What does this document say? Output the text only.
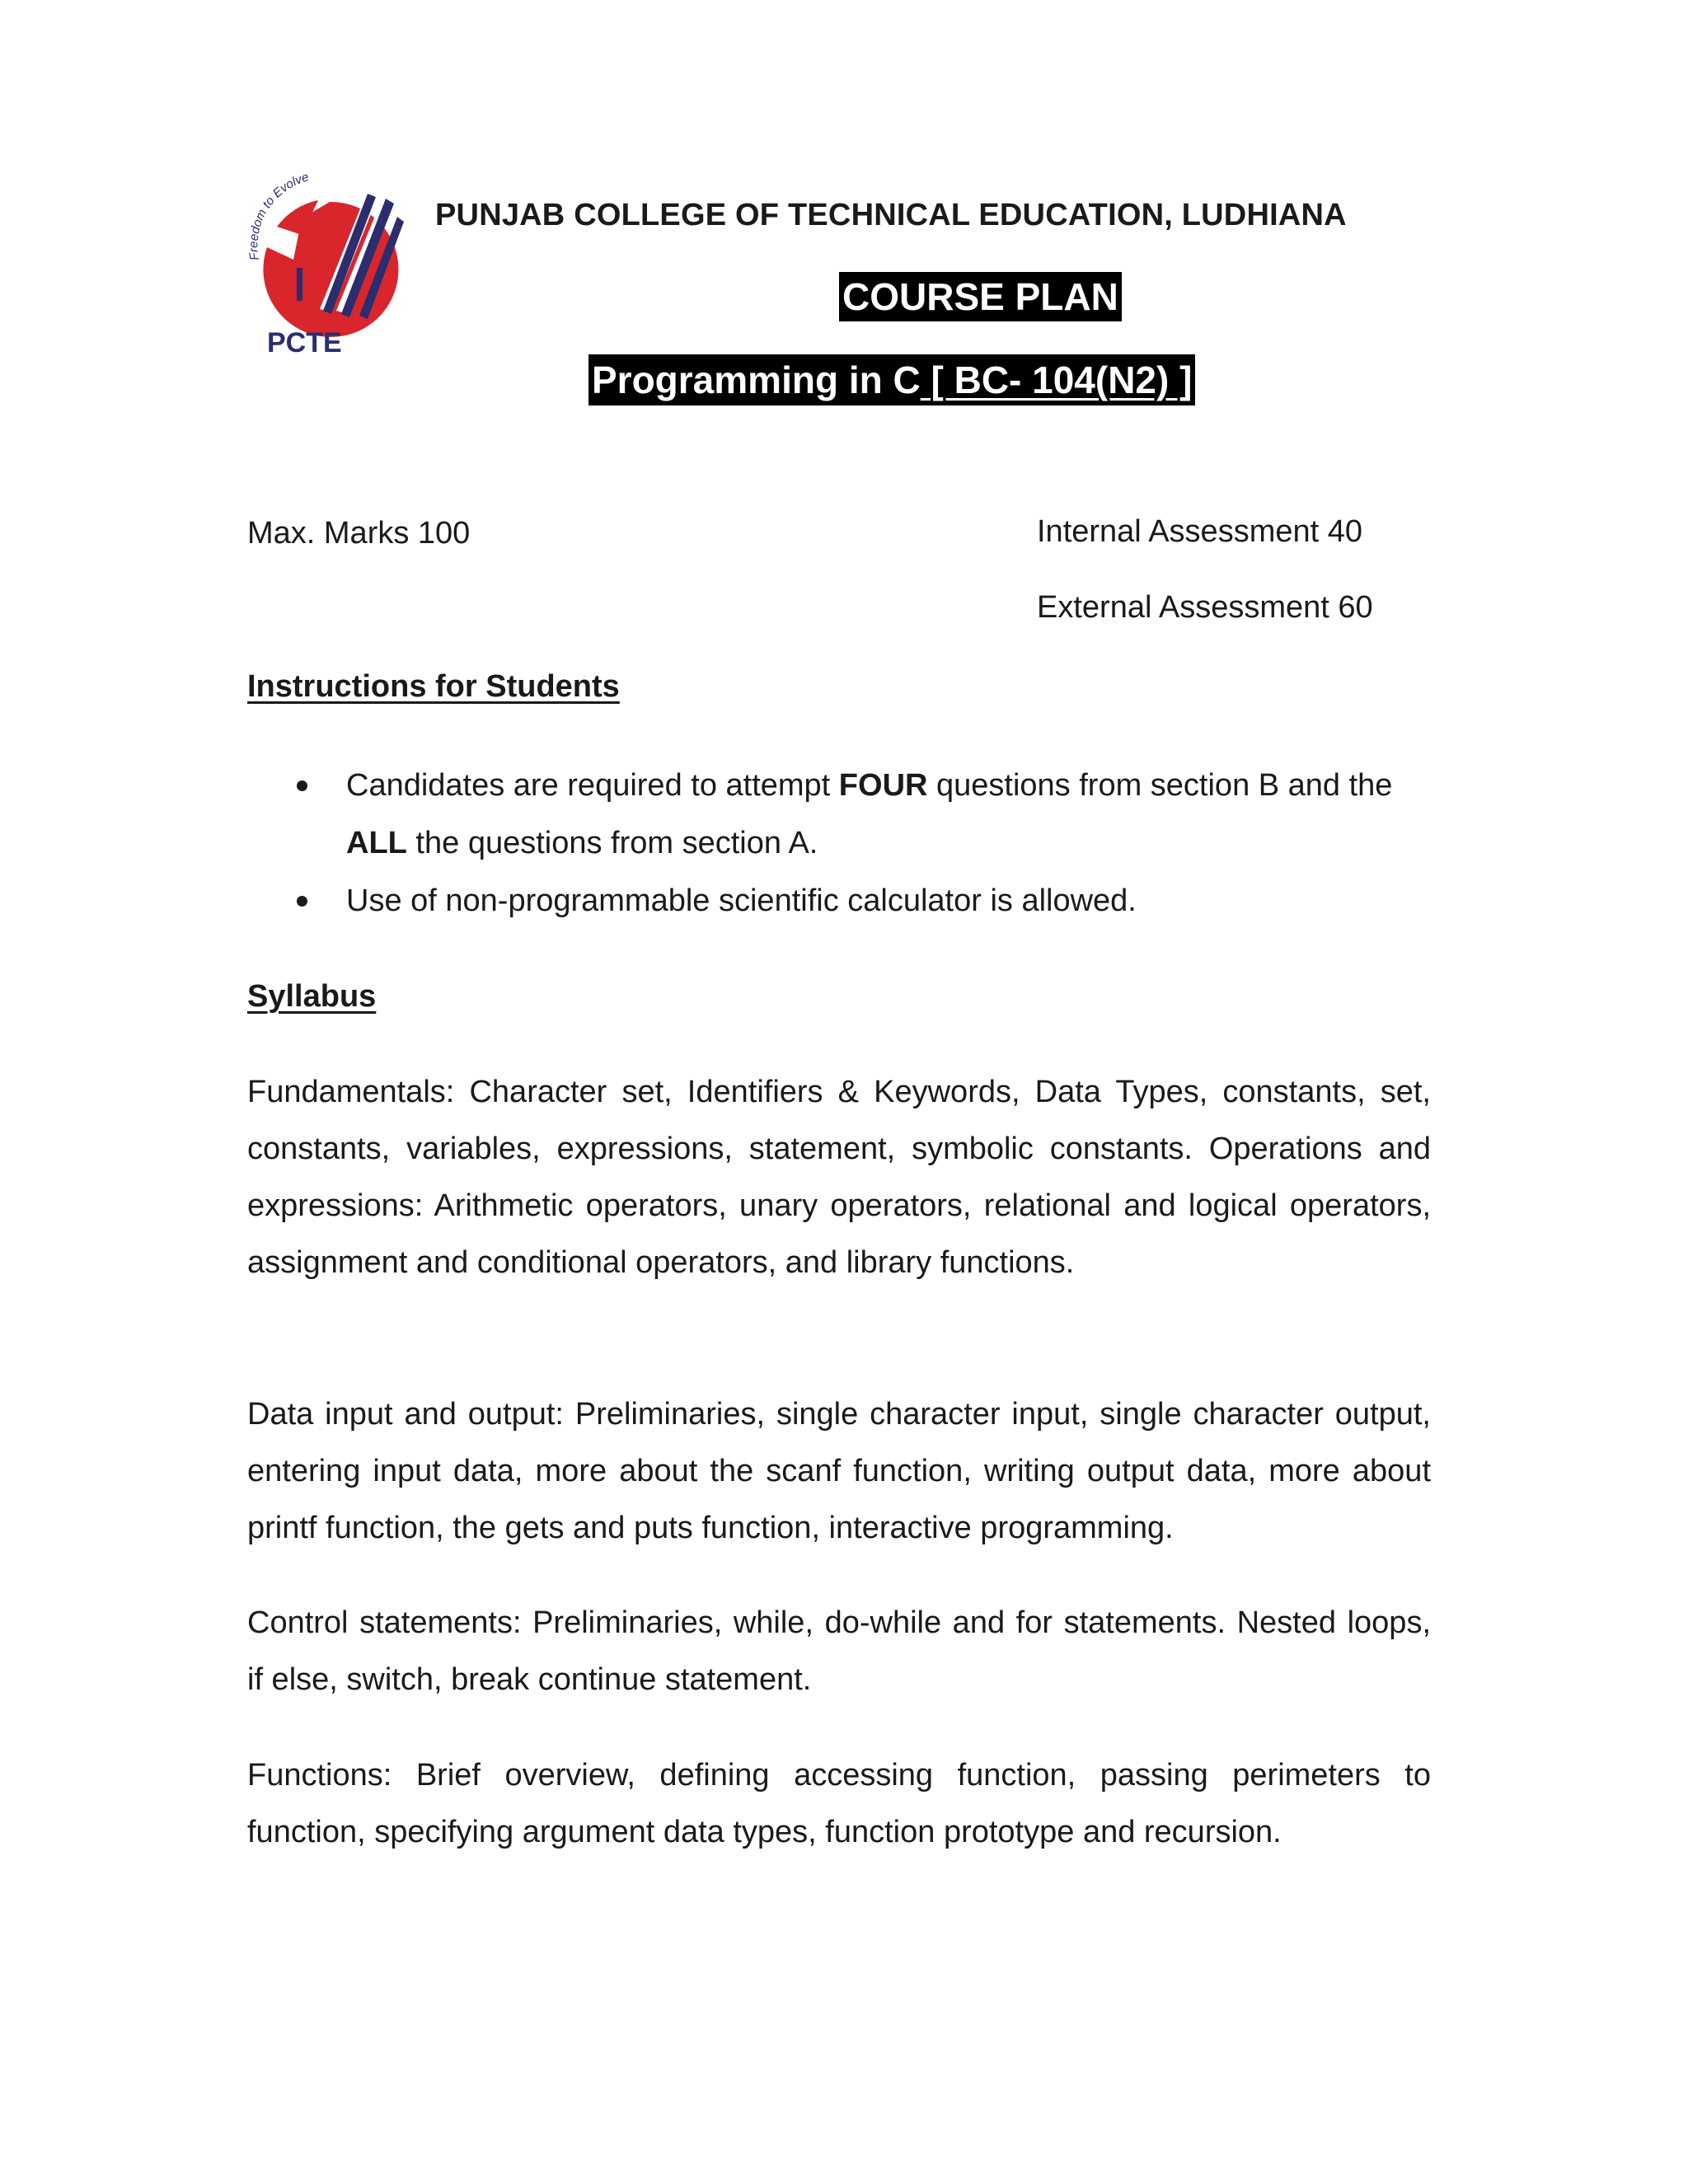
Freedom to Evolve
PCTE
PUNJAB COLLEGE OF TECHNICAL EDUCATION, LUDHIANA
COURSE PLAN
Programming in C [ BC- 104(N2) ]
Max. Marks 100	Internal Assessment 40
External Assessment 60
Instructions for Students
Candidates are required to attempt FOUR questions from section B and the ALL the questions from section A.
Use of non-programmable scientific calculator is allowed.
Syllabus

Fundamentals: Character set, Identifiers & Keywords, Data Types, constants, set, constants, variables, expressions, statement, symbolic constants. Operations and expressions: Arithmetic operators, unary operators, relational and logical operators, assignment and conditional operators, and library functions.

Data input and output: Preliminaries, single character input, single character output, entering input data, more about the scanf function, writing output data, more about printf function, the gets and puts function, interactive programming.

Control statements: Preliminaries, while, do-while and for statements. Nested loops, if else, switch, break continue statement.

Functions: Brief overview, defining accessing function, passing perimeters to function, specifying argument data types, function prototype and recursion.
